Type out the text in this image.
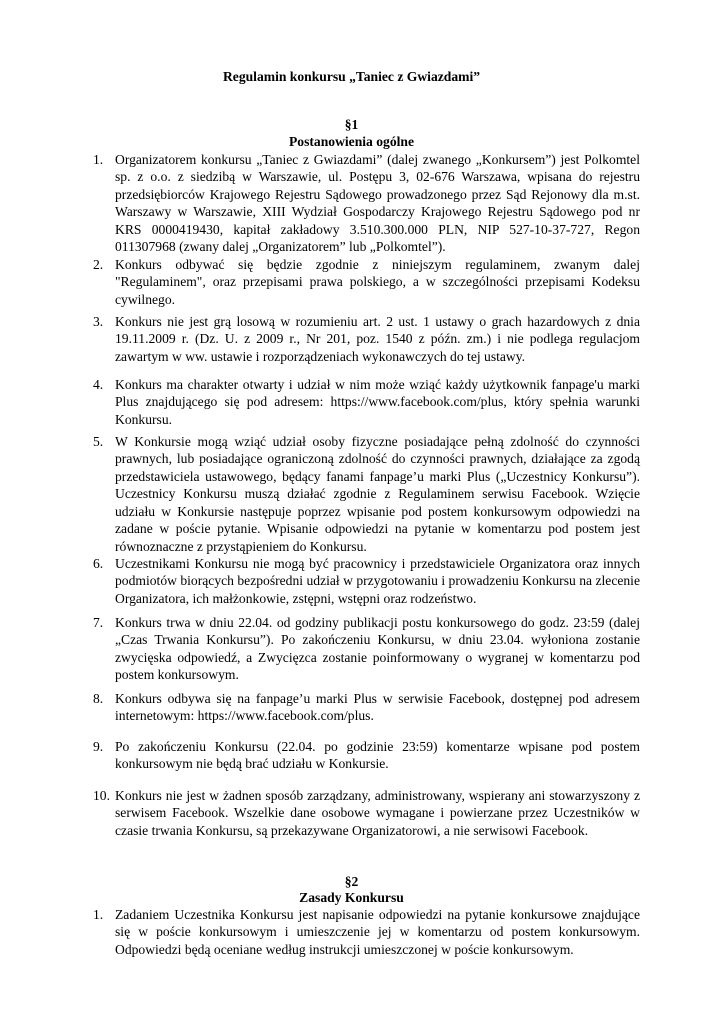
Regulamin konkursu „Taniec z Gwiazdami”
§1
Postanowienia ogólne
1. Organizatorem konkursu „Taniec z Gwiazdami” (dalej zwanego „Konkursem”) jest Polkomtel sp. z o.o. z siedzibą w Warszawie, ul. Postępu 3, 02-676 Warszawa, wpisana do rejestru przedsiębiorców Krajowego Rejestru Sądowego prowadzonego przez Sąd Rejonowy dla m.st. Warszawy w Warszawie, XIII Wydział Gospodarczy Krajowego Rejestru Sądowego pod nr KRS 0000419430, kapitał zakładowy 3.510.300.000 PLN, NIP 527-10-37-727, Regon 011307968 (zwany dalej „Organizatorem” lub „Polkomtel”).
2. Konkurs odbywać się będzie zgodnie z niniejszym regulaminem, zwanym dalej "Regulaminem", oraz przepisami prawa polskiego, a w szczególności przepisami Kodeksu cywilnego.
3. Konkurs nie jest grą losową w rozumieniu art. 2 ust. 1 ustawy o grach hazardowych z dnia 19.11.2009 r. (Dz. U. z 2009 r., Nr 201, poz. 1540 z późn. zm.) i nie podlega regulacjom zawartym w ww. ustawie i rozporządzeniach wykonawczych do tej ustawy.
4. Konkurs ma charakter otwarty i udział w nim może wziąć każdy użytkownik fanpage'u marki Plus znajdującego się pod adresem: https://www.facebook.com/plus, który spełnia warunki Konkursu.
5. W Konkursie mogą wziąć udział osoby fizyczne posiadające pełną zdolność do czynności prawnych, lub posiadające ograniczoną zdolność do czynności prawnych, działające za zgodą przedstawiciela ustawowego, będący fanami fanpage’u marki Plus („Uczestnicy Konkursu”). Uczestnicy Konkursu muszą działać zgodnie z Regulaminem serwisu Facebook. Wzięcie udziału w Konkursie następuje poprzez wpisanie pod postem konkursowym odpowiedzi na zadane w poście pytanie. Wpisanie odpowiedzi na pytanie w komentarzu pod postem jest równoznaczne z przystąpieniem do Konkursu.
6. Uczestnikami Konkursu nie mogą być pracownicy i przedstawiciele Organizatora oraz innych podmiotów biorących bezpośredni udział w przygotowaniu i prowadzeniu Konkursu na zlecenie Organizatora, ich małżonkowie, zstępni, wstępni oraz rodzeństwo.
7. Konkurs trwa w dniu 22.04. od godziny publikacji postu konkursowego do godz. 23:59 (dalej „Czas Trwania Konkursu”). Po zakończeniu Konkursu, w dniu 23.04. wyłoniona zostanie zwycięska odpowiedź, a Zwycięzca zostanie poinformowany o wygranej w komentarzu pod postem konkursowym.
8. Konkurs odbywa się na fanpage’u marki Plus w serwisie Facebook, dostępnej pod adresem internetowym: https://www.facebook.com/plus.
9. Po zakończeniu Konkursu (22.04. po godzinie 23:59) komentarze wpisane pod postem konkursowym nie będą brać udziału w Konkursie.
10. Konkurs nie jest w żadnen sposób zarządzany, administrowany, wspierany ani stowarzyszony z serwisem Facebook. Wszelkie dane osobowe wymagane i powierzane przez Uczestników w czasie trwania Konkursu, są przekazywane Organizatorowi, a nie serwisowi Facebook.
§2
Zasady Konkursu
1. Zadaniem Uczestnika Konkursu jest napisanie odpowiedzi na pytanie konkursowe znajdujące się w poście konkursowym i umieszczenie jej w komentarzu od postem konkursowym. Odpowiedzi będą oceniane według instrukcji umieszczonej w poście konkursowym.
